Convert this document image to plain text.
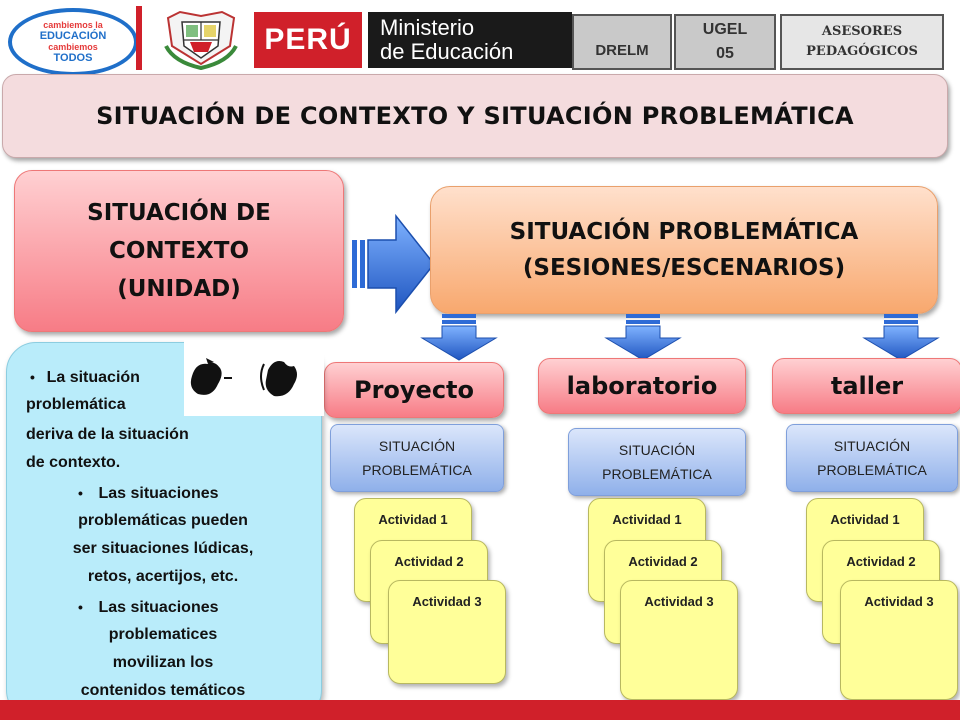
cambiemos la
EDUCACIÓN
cambiemos
TODOS
PERÚ	Ministerio
de Educación	DRELM
UGEL
05
ASESORES
PEDAGÓGICOS
SITUACIÓN DE CONTEXTO Y SITUACIÓN PROBLEMÁTICA
SITUACIÓN DE
CONTEXTO
(UNIDAD)
SITUACIÓN PROBLEMÁTICA
(SESIONES/ESCENARIOS)
Proyecto	laboratorio	taller
SITUACIÓN
PROBLEMÁTICA
SITUACIÓN
PROBLEMÁTICA
SITUACIÓN
PROBLEMÁTICA
Actividad 1
Actividad 2
Actividad 3
Actividad 1
Actividad 2
Actividad 3
Actividad 1
Actividad 2
Actividad 3
•   La situación
problemática
deriva de la situación
de contexto.
•    Las situaciones
problemáticas pueden
ser situaciones lúdicas,
retos, acertijos, etc.
•    Las situaciones
problematices
movilizan los
contenidos temáticos
